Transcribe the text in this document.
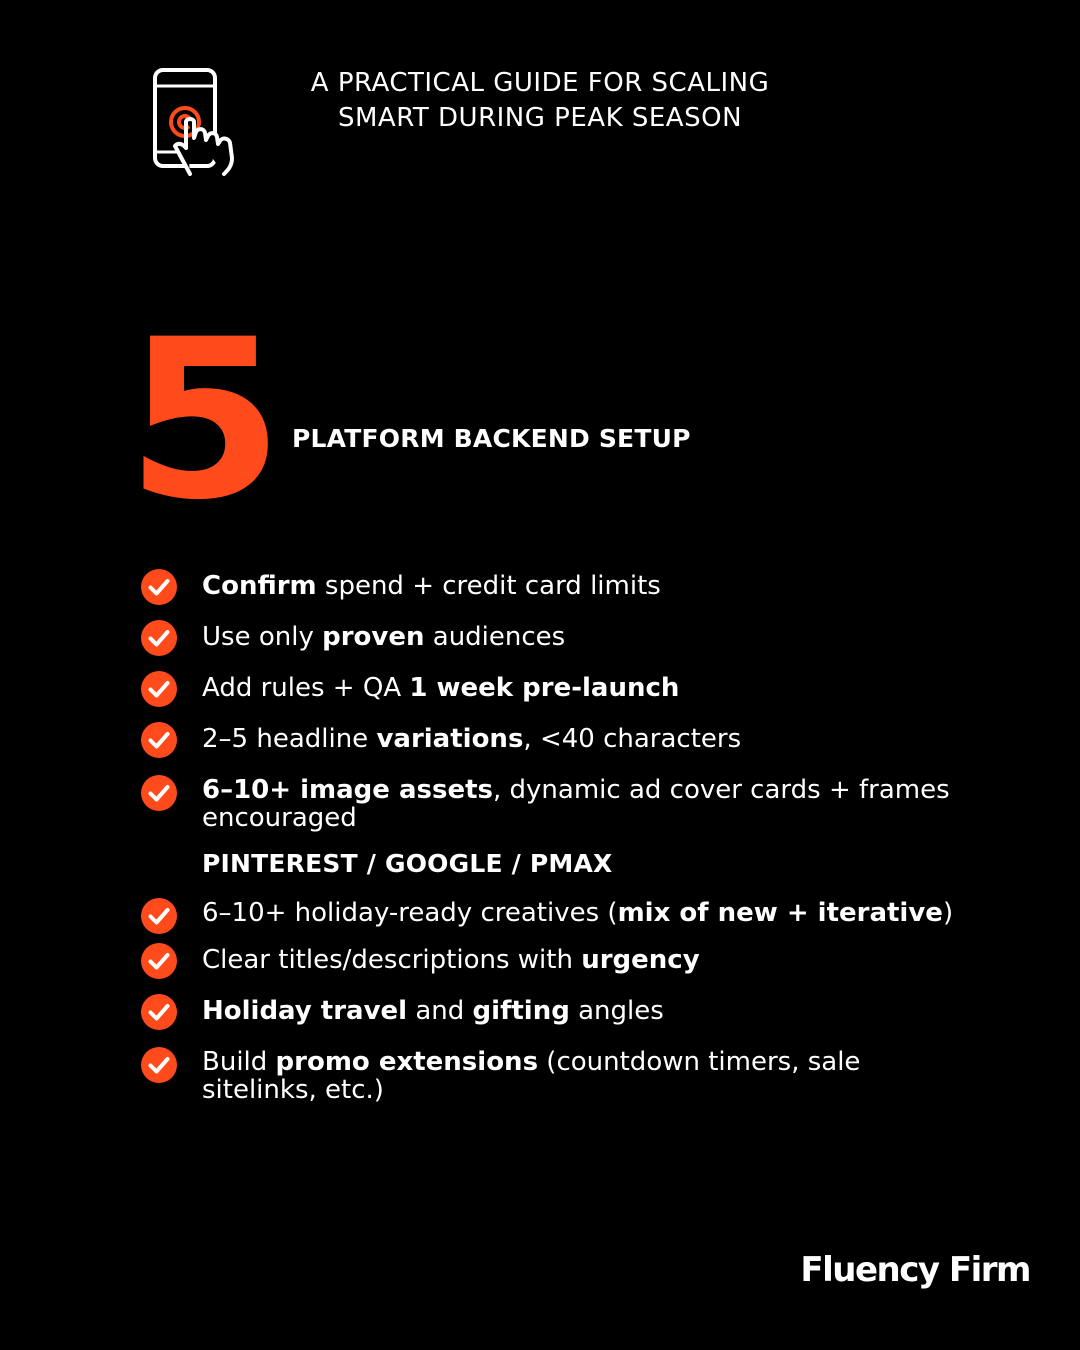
A PRACTICAL GUIDE FOR SCALING
SMART DURING PEAK SEASON
5 PLATFORM BACKEND SETUP
Confirm spend + credit card limits
Use only proven audiences
Add rules + QA 1 week pre-launch
2–5 headline variations, <40 characters
6–10+ image assets, dynamic ad cover cards + frames encouraged
PINTEREST / GOOGLE / PMAX
6–10+ holiday-ready creatives (mix of new + iterative)
Clear titles/descriptions with urgency
Holiday travel and gifting angles
Build promo extensions (countdown timers, sale sitelinks, etc.)
Fluency Firm
